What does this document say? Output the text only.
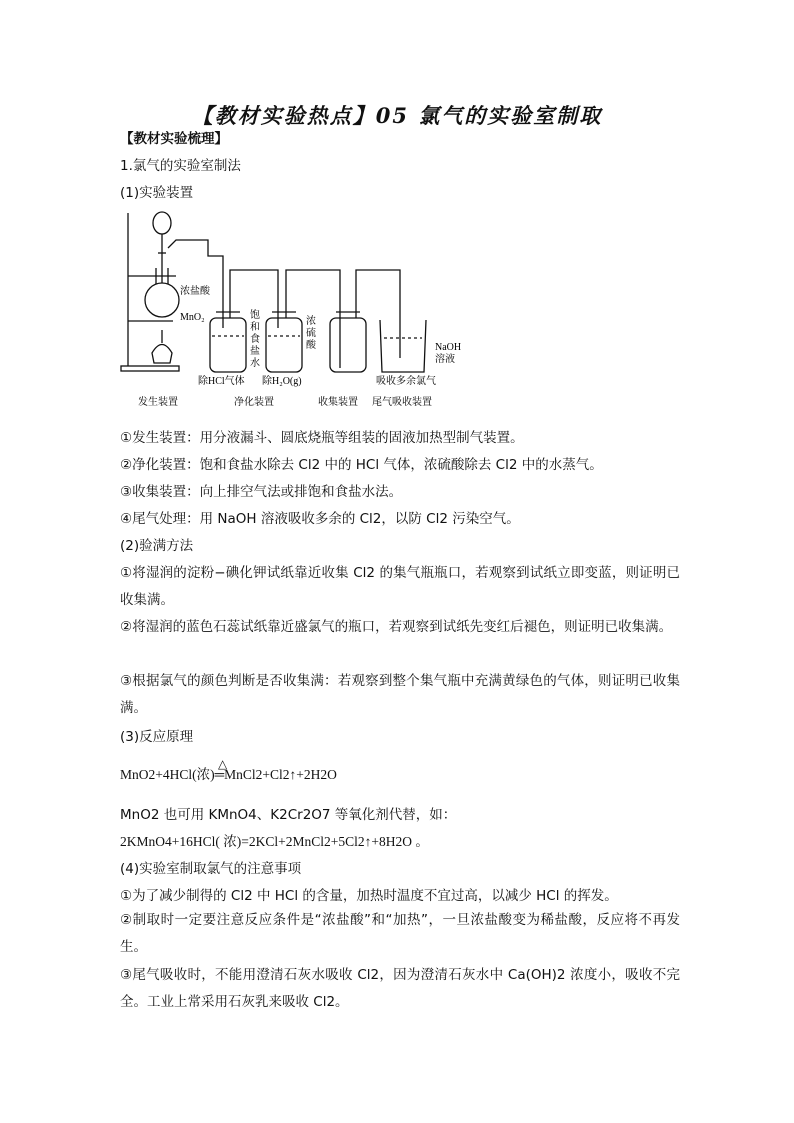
【教材实验热点】05 氯气的实验室制取
【教材实验梳理】
1.氯气的实验室制法
(1)实验装置
浓盐酸
MnO₂	饱
和
食
盐
水
浓
硫
酸	NaOH
溶液
除HCl气体 除H₂O(g)	吸收多余氯气
发生装置	净化装置	收集装置 尾气吸收装置
①发生装置：用分液漏斗、圆底烧瓶等组装的固液加热型制气装置。
②净化装置：饱和食盐水除去 Cl2 中的 HCl 气体，浓硫酸除去 Cl2 中的水蒸气。
③收集装置：向上排空气法或排饱和食盐水法。
④尾气处理：用 NaOH 溶液吸收多余的 Cl2，以防 Cl2 污染空气。
(2)验满方法
①将湿润的淀粉−碘化钾试纸靠近收集 Cl2 的集气瓶瓶口，若观察到试纸立即变蓝，则证明已收集满。
②将湿润的蓝色石蕊试纸靠近盛氯气的瓶口，若观察到试纸先变红后褪色，则证明已收集满。
③根据氯气的颜色判断是否收集满：若观察到整个集气瓶中充满黄绿色的气体，则证明已收集满。
(3)反应原理
△
MnO2+4HCl(浓)═MnCl2+Cl2↑+2H2O
MnO2 也可用 KMnO4、K2Cr2O7 等氧化剂代替，如：
2KMnO4+16HCl( 浓)=2KCl+2MnCl2+5Cl2↑+8H2O 。
(4)实验室制取氯气的注意事项
①为了减少制得的 Cl2 中 HCl 的含量，加热时温度不宜过高，以减少 HCl 的挥发。
②制取时一定要注意反应条件是“浓盐酸”和“加热”，一旦浓盐酸变为稀盐酸，反应将不再发生。
③尾气吸收时，不能用澄清石灰水吸收 Cl2，因为澄清石灰水中 Ca(OH)2 浓度小，吸收不完全。工业上常采用石灰乳来吸收 Cl2。
